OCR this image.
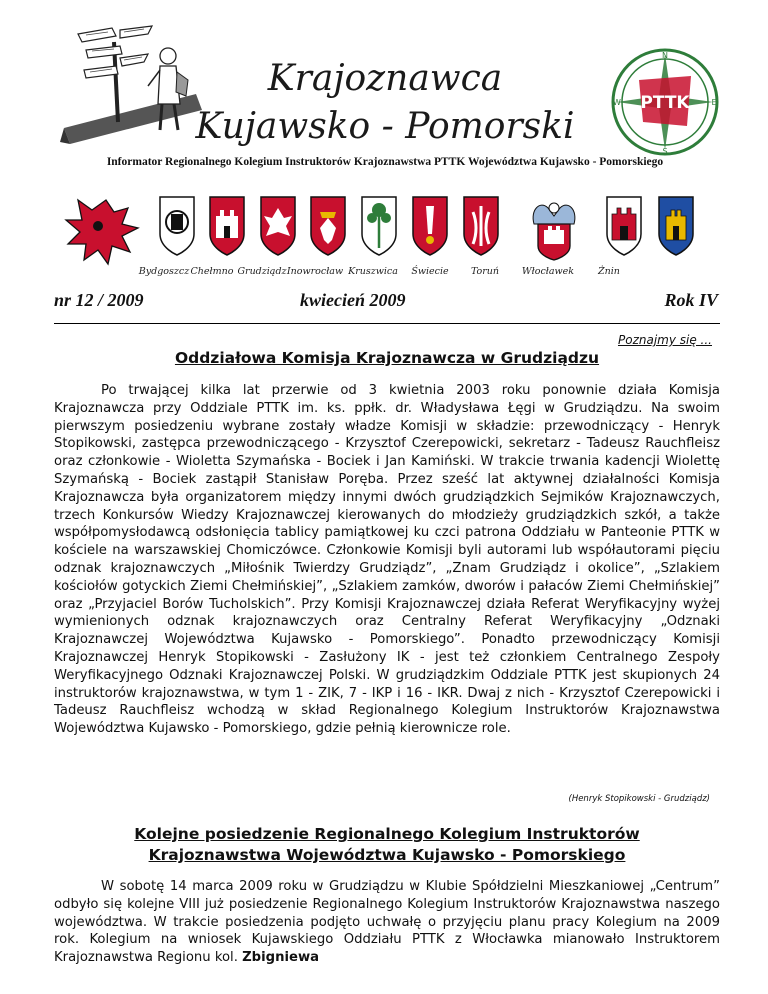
Krajoznawca
Kujawsko - Pomorski
PTTK
N
E
S
W
Informator Regionalnego Kolegium Instruktorów Krajoznawstwa PTTK Województwa Kujawsko - Pomorskiego
Bydgoszcz Chełmno Grudziądz Inowrocław Kruszwica	Świecie	Toruń	Włocławek	Żnin
nr 12 / 2009	kwiecień 2009	Rok IV
Poznajmy się ...
Oddziałowa Komisja Krajoznawcza w Grudziądzu

Po trwającej kilka lat przerwie od 3 kwietnia 2003 roku ponownie działa Komisja Krajoznawcza przy Oddziale PTTK im. ks. ppłk. dr. Władysława Łęgi w Grudziądzu. Na swoim pierwszym posiedzeniu wybrane zostały władze Komisji w składzie: przewodniczący - Henryk Stopikowski, zastępca przewodniczącego - Krzysztof Czerepowicki, sekretarz - Tadeusz Rauchfleisz oraz członkowie - Wioletta Szymańska - Bociek i Jan Kamiński. W trakcie trwania kadencji Wiolettę Szymańską - Bociek zastąpił Stanisław Poręba. Przez sześć lat aktywnej działalności Komisja Krajoznawcza była organizatorem między innymi dwóch grudziądzkich Sejmików Krajoznawczych, trzech Konkursów Wiedzy Krajoznawczej kierowanych do młodzieży grudziądzkich szkół, a także współpomysłodawcą odsłonięcia tablicy pamiątkowej ku czci patrona Oddziału w Panteonie PTTK w kościele na warszawskiej Chomiczówce. Członkowie Komisji byli autorami lub współautorami pięciu odznak krajoznawczych „Miłośnik Twierdzy Grudziądz”, „Znam Grudziądz i okolice”, „Szlakiem kościołów gotyckich Ziemi Chełmińskiej”, „Szlakiem zamków, dworów i pałaców Ziemi Chełmińskiej” oraz „Przyjaciel Borów Tucholskich”. Przy Komisji Krajoznawczej działa Referat Weryfikacyjny wyżej wymienionych odznak krajoznawczych oraz Centralny Referat Weryfikacyjny „Odznaki Krajoznawczej Województwa Kujawsko - Pomorskiego”. Ponadto przewodniczący Komisji Krajoznawczej Henryk Stopikowski - Zasłużony IK - jest też członkiem Centralnego Zespoły Weryfikacyjnego Odznaki Krajoznawczej Polski. W grudziądzkim Oddziale PTTK jest skupionych 24 instruktorów krajoznawstwa, w tym 1 - ZIK, 7 - IKP i 16 - IKR. Dwaj z nich - Krzysztof Czerepowicki i Tadeusz Rauchfleisz wchodzą w skład Regionalnego Kolegium Instruktorów Krajoznawstwa Województwa Kujawsko - Pomorskiego, gdzie pełnią kierownicze role.

(Henryk Stopikowski - Grudziądz)
Kolejne posiedzenie Regionalnego Kolegium Instruktorów
Krajoznawstwa Województwa Kujawsko - Pomorskiego

W sobotę 14 marca 2009 roku w Grudziądzu w Klubie Spółdzielni Mieszkaniowej „Centrum” odbyło się kolejne VIII już posiedzenie Regionalnego Kolegium Instruktorów Krajoznawstwa naszego województwa. W trakcie posiedzenia podjęto uchwałę o przyjęciu planu pracy Kolegium na 2009 rok. Kolegium na wniosek Kujawskiego Oddziału PTTK z Włocławka mianowało Instruktorem Krajoznawstwa Regionu kol. Zbigniewa
